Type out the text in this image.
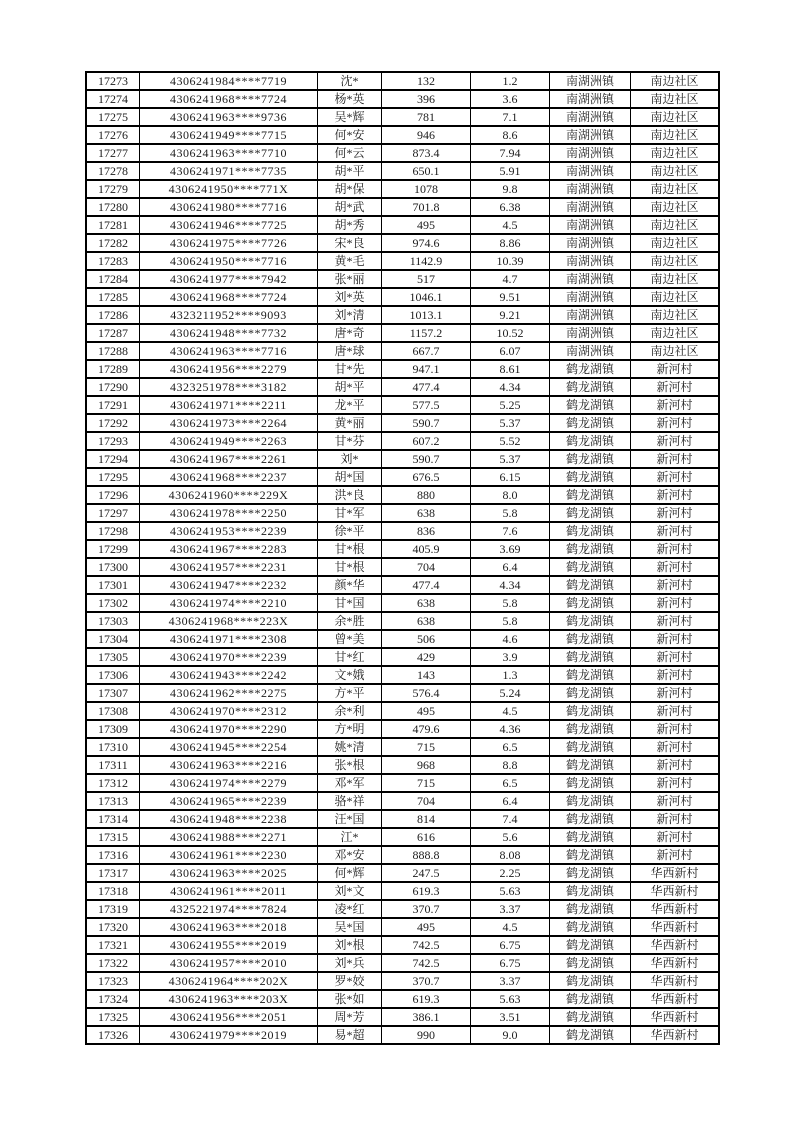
17273	4306241984****7719	沈*	132	1.2	南湖洲镇	南边社区
17274	4306241968****7724	杨*英	396	3.6	南湖洲镇	南边社区
17275	4306241963****9736	吴*辉	781	7.1	南湖洲镇	南边社区
17276	4306241949****7715	何*安	946	8.6	南湖洲镇	南边社区
17277	4306241963****7710	何*云	873.4	7.94	南湖洲镇	南边社区
17278	4306241971****7735	胡*平	650.1	5.91	南湖洲镇	南边社区
17279	4306241950****771X	胡*保	1078	9.8	南湖洲镇	南边社区
17280	4306241980****7716	胡*武	701.8	6.38	南湖洲镇	南边社区
17281	4306241946****7725	胡*秀	495	4.5	南湖洲镇	南边社区
17282	4306241975****7726	宋*良	974.6	8.86	南湖洲镇	南边社区
17283	4306241950****7716	黄*毛	1142.9	10.39	南湖洲镇	南边社区
17284	4306241977****7942	张*丽	517	4.7	南湖洲镇	南边社区
17285	4306241968****7724	刘*英	1046.1	9.51	南湖洲镇	南边社区
17286	4323211952****9093	刘*清	1013.1	9.21	南湖洲镇	南边社区
17287	4306241948****7732	唐*奇	1157.2	10.52	南湖洲镇	南边社区
17288	4306241963****7716	唐*球	667.7	6.07	南湖洲镇	南边社区
17289	4306241956****2279	甘*先	947.1	8.61	鹤龙湖镇	新河村
17290	4323251978****3182	胡*平	477.4	4.34	鹤龙湖镇	新河村
17291	4306241971****2211	龙*平	577.5	5.25	鹤龙湖镇	新河村
17292	4306241973****2264	黄*丽	590.7	5.37	鹤龙湖镇	新河村
17293	4306241949****2263	甘*芬	607.2	5.52	鹤龙湖镇	新河村
17294	4306241967****2261	刘*	590.7	5.37	鹤龙湖镇	新河村
17295	4306241968****2237	胡*国	676.5	6.15	鹤龙湖镇	新河村
17296	4306241960****229X	洪*良	880	8.0	鹤龙湖镇	新河村
17297	4306241978****2250	甘*军	638	5.8	鹤龙湖镇	新河村
17298	4306241953****2239	徐*平	836	7.6	鹤龙湖镇	新河村
17299	4306241967****2283	甘*根	405.9	3.69	鹤龙湖镇	新河村
17300	4306241957****2231	甘*根	704	6.4	鹤龙湖镇	新河村
17301	4306241947****2232	颜*华	477.4	4.34	鹤龙湖镇	新河村
17302	4306241974****2210	甘*国	638	5.8	鹤龙湖镇	新河村
17303	4306241968****223X	余*胜	638	5.8	鹤龙湖镇	新河村
17304	4306241971****2308	曾*美	506	4.6	鹤龙湖镇	新河村
17305	4306241970****2239	甘*红	429	3.9	鹤龙湖镇	新河村
17306	4306241943****2242	文*娥	143	1.3	鹤龙湖镇	新河村
17307	4306241962****2275	方*平	576.4	5.24	鹤龙湖镇	新河村
17308	4306241970****2312	余*利	495	4.5	鹤龙湖镇	新河村
17309	4306241970****2290	方*明	479.6	4.36	鹤龙湖镇	新河村
17310	4306241945****2254	姚*清	715	6.5	鹤龙湖镇	新河村
17311	4306241963****2216	张*根	968	8.8	鹤龙湖镇	新河村
17312	4306241974****2279	邓*军	715	6.5	鹤龙湖镇	新河村
17313	4306241965****2239	骆*祥	704	6.4	鹤龙湖镇	新河村
17314	4306241948****2238	汪*国	814	7.4	鹤龙湖镇	新河村
17315	4306241988****2271	江*	616	5.6	鹤龙湖镇	新河村
17316	4306241961****2230	邓*安	888.8	8.08	鹤龙湖镇	新河村
17317	4306241963****2025	何*辉	247.5	2.25	鹤龙湖镇	华西新村
17318	4306241961****2011	刘*文	619.3	5.63	鹤龙湖镇	华西新村
17319	4325221974****7824	凌*红	370.7	3.37	鹤龙湖镇	华西新村
17320	4306241963****2018	吴*国	495	4.5	鹤龙湖镇	华西新村
17321	4306241955****2019	刘*根	742.5	6.75	鹤龙湖镇	华西新村
17322	4306241957****2010	刘*兵	742.5	6.75	鹤龙湖镇	华西新村
17323	4306241964****202X	罗*姣	370.7	3.37	鹤龙湖镇	华西新村
17324	4306241963****203X	张*如	619.3	5.63	鹤龙湖镇	华西新村
17325	4306241956****2051	周*芳	386.1	3.51	鹤龙湖镇	华西新村
17326	4306241979****2019	易*超	990	9.0	鹤龙湖镇	华西新村
